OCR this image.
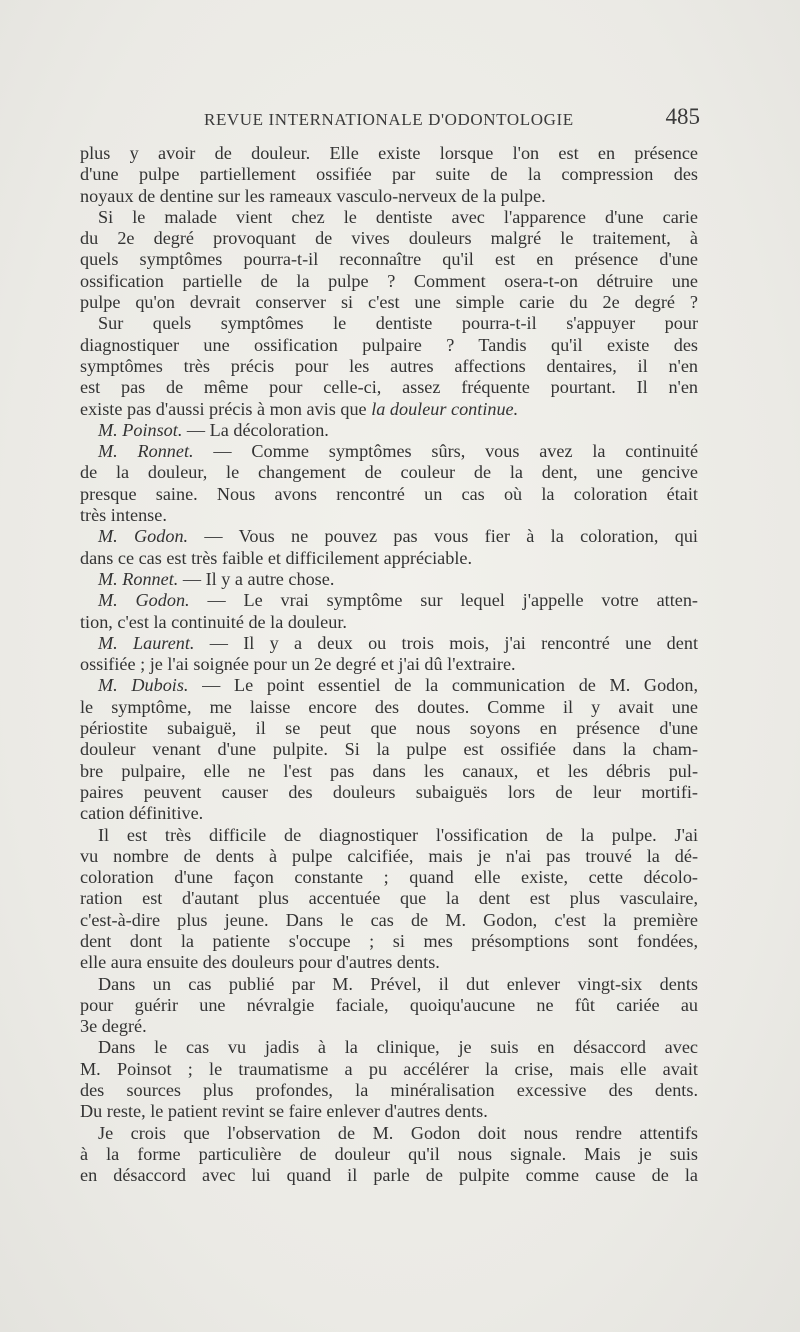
REVUE INTERNATIONALE D'ODONTOLOGIE	485
plus y avoir de douleur. Elle existe lorsque l'on est en présence
d'une pulpe partiellement ossifiée par suite de la compression des
noyaux de dentine sur les rameaux vasculo-nerveux de la pulpe.
Si le malade vient chez le dentiste avec l'apparence d'une carie
du 2e degré provoquant de vives douleurs malgré le traitement, à
quels symptômes pourra-t-il reconnaître qu'il est en présence d'une
ossification partielle de la pulpe ? Comment osera-t-on détruire une
pulpe qu'on devrait conserver si c'est une simple carie du 2e degré ?
Sur quels symptômes le dentiste pourra-t-il s'appuyer pour
diagnostiquer une ossification pulpaire ? Tandis qu'il existe des
symptômes très précis pour les autres affections dentaires, il n'en
est pas de même pour celle-ci, assez fréquente pourtant. Il n'en
existe pas d'aussi précis à mon avis que la douleur continue.
M. Poinsot. — La décoloration.
M. Ronnet. — Comme symptômes sûrs, vous avez la continuité
de la douleur, le changement de couleur de la dent, une gencive
presque saine. Nous avons rencontré un cas où la coloration était
très intense.
M. Godon. — Vous ne pouvez pas vous fier à la coloration, qui
dans ce cas est très faible et difficilement appréciable.
M. Ronnet. — Il y a autre chose.
M. Godon. — Le vrai symptôme sur lequel j'appelle votre atten-
tion, c'est la continuité de la douleur.
M. Laurent. — Il y a deux ou trois mois, j'ai rencontré une dent
ossifiée ; je l'ai soignée pour un 2e degré et j'ai dû l'extraire.
M. Dubois. — Le point essentiel de la communication de M. Godon,
le symptôme, me laisse encore des doutes. Comme il y avait une
périostite subaiguë, il se peut que nous soyons en présence d'une
douleur venant d'une pulpite. Si la pulpe est ossifiée dans la cham-
bre pulpaire, elle ne l'est pas dans les canaux, et les débris pul-
paires peuvent causer des douleurs subaiguës lors de leur mortifi-
cation définitive.
Il est très difficile de diagnostiquer l'ossification de la pulpe. J'ai
vu nombre de dents à pulpe calcifiée, mais je n'ai pas trouvé la dé-
coloration d'une façon constante ; quand elle existe, cette décolo-
ration est d'autant plus accentuée que la dent est plus vasculaire,
c'est-à-dire plus jeune. Dans le cas de M. Godon, c'est la première
dent dont la patiente s'occupe ; si mes présomptions sont fondées,
elle aura ensuite des douleurs pour d'autres dents.
Dans un cas publié par M. Prével, il dut enlever vingt-six dents
pour guérir une névralgie faciale, quoiqu'aucune ne fût cariée au
3e degré.
Dans le cas vu jadis à la clinique, je suis en désaccord avec
M. Poinsot ; le traumatisme a pu accélérer la crise, mais elle avait
des sources plus profondes, la minéralisation excessive des dents.
Du reste, le patient revint se faire enlever d'autres dents.
Je crois que l'observation de M. Godon doit nous rendre attentifs
à la forme particulière de douleur qu'il nous signale. Mais je suis
en désaccord avec lui quand il parle de pulpite comme cause de la
